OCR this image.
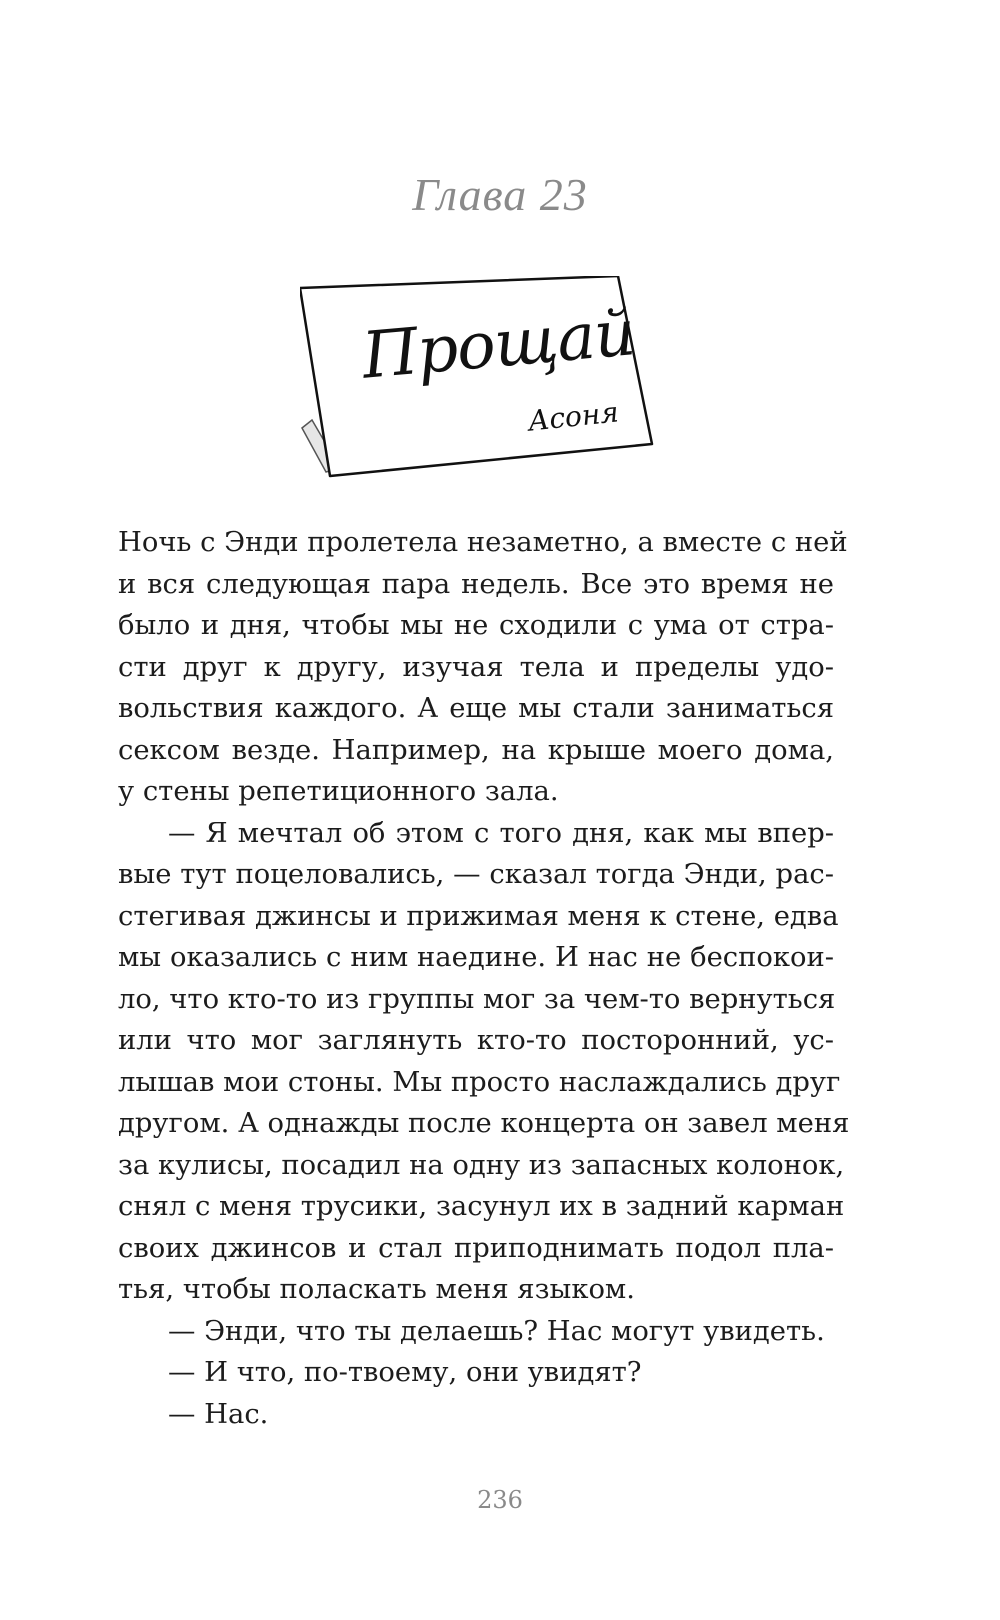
Глава 23
Прощай
Асоня
Ночь с Энди пролетела незаметно, а вместе с ней
и вся следующая пара недель. Все это время не
было и дня, чтобы мы не сходили с ума от стра-
сти друг к другу, изучая тела и пределы удо-
вольствия каждого. А еще мы стали заниматься
сексом везде. Например, на крыше моего дома,
у стены репетиционного зала.
— Я мечтал об этом с того дня, как мы впер-
вые тут поцеловались, — сказал тогда Энди, рас-
стегивая джинсы и прижимая меня к стене, едва
мы оказались с ним наедине. И нас не беспокои-
ло, что кто-то из группы мог за чем-то вернуться
или что мог заглянуть кто-то посторонний, ус-
лышав мои стоны. Мы просто наслаждались друг
другом. А однажды после концерта он завел меня
за кулисы, посадил на одну из запасных колонок,
снял с меня трусики, засунул их в задний карман
своих джинсов и стал приподнимать подол пла-
тья, чтобы поласкать меня языком.
— Энди, что ты делаешь? Нас могут увидеть.
— И что, по-твоему, они увидят?
— Нас.
236
